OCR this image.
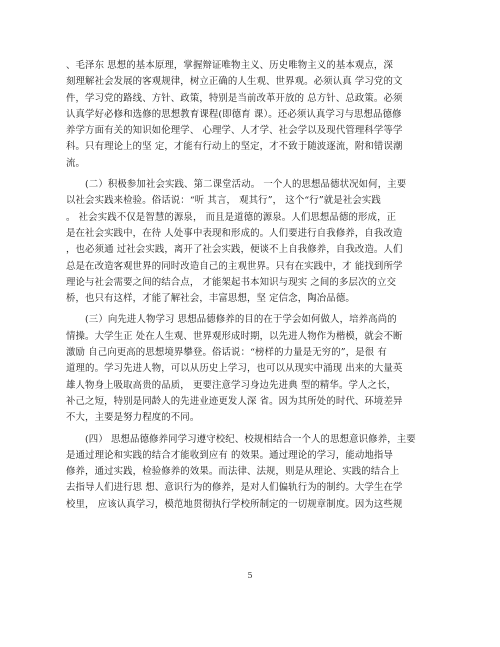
、毛泽东 思想的基本原理，掌握辩证唯物主义、历史唯物主义的基本观点，深
刻理解社会发展的客观规律，树立正确的人生观、世界观。必须认真 学习党的文
件，学习党的路线、方针、政策，特别是当前改革开放的 总方针、总政策。必须
认真学好必修和选修的思想教育课程(即德育 课）。还必须认真学习与思想品德修
养学方面有关的知识如伦理学、 心理学、人才学、社会学以及现代管理科学等学
科。只有理论上的坚 定，才能有行动上的坚定，才不致于随波逐流，附和错误潮
流。

(二）积极参加社会实践、第二课堂活动。 一个人的思想品德状况如何，主要
以社会实践来检验。俗话说：“听 其言， 观其行”， 这个“行”就是社会实践
。 社会实践不仅是智慧的源泉， 而且是道德的源泉。人们思想品德的形成，正
是在社会实践中，在待 人处事中表现和形成的。人们要进行自我修养，自我改造
，也必须通 过社会实践，离开了社会实践，便谈不上自我修养，自我改造。人们
总是在改造客观世界的同时改造自己的主观世界。只有在实践中，才 能找到所学
理论与社会需要之间的结合点， 才能架起书本知识与现实 之间的多层次的立交
桥，也只有这样，才能了解社会，丰富思想，坚 定信念，陶冶品德。

(三）向先进人物学习 思想品德修养的目的在于学会如何做人，培养高尚的
情操。大学生正 处在人生观、世界观形成时期，以先进人物作为楷模，就会不断
激励 自己向更高的思想境界攀登。俗话说：“榜样的力量是无穷的”，是很 有
道理的。学习先进人物，可以从历史上学习，也可以从现实中涌现 出来的大量英
雄人物身上吸取高贵的品质， 更要注意学习身边先进典 型的精华。学人之长，
补己之短，特别是同龄人的先进业迹更发人深 省。因为其所处的时代、环境差异
不大，主要是努力程度的不同。

(四） 思想品德修养同学习遵守校纪、校规相结合一个人的思想意识修养，主要
是通过理论和实践的结合才能收到应有 的效果。通过理论的学习，能动地指导
修养，通过实践，检验修养的效果。而法律、法规，则是从理论、实践的结合上
去指导人们进行思 想、意识行为的修养，是对人们偏轨行为的制约。大学生在学
校里， 应该认真学习，模范地贯彻执行学校所制定的一切规章制度。因为这些规

5
